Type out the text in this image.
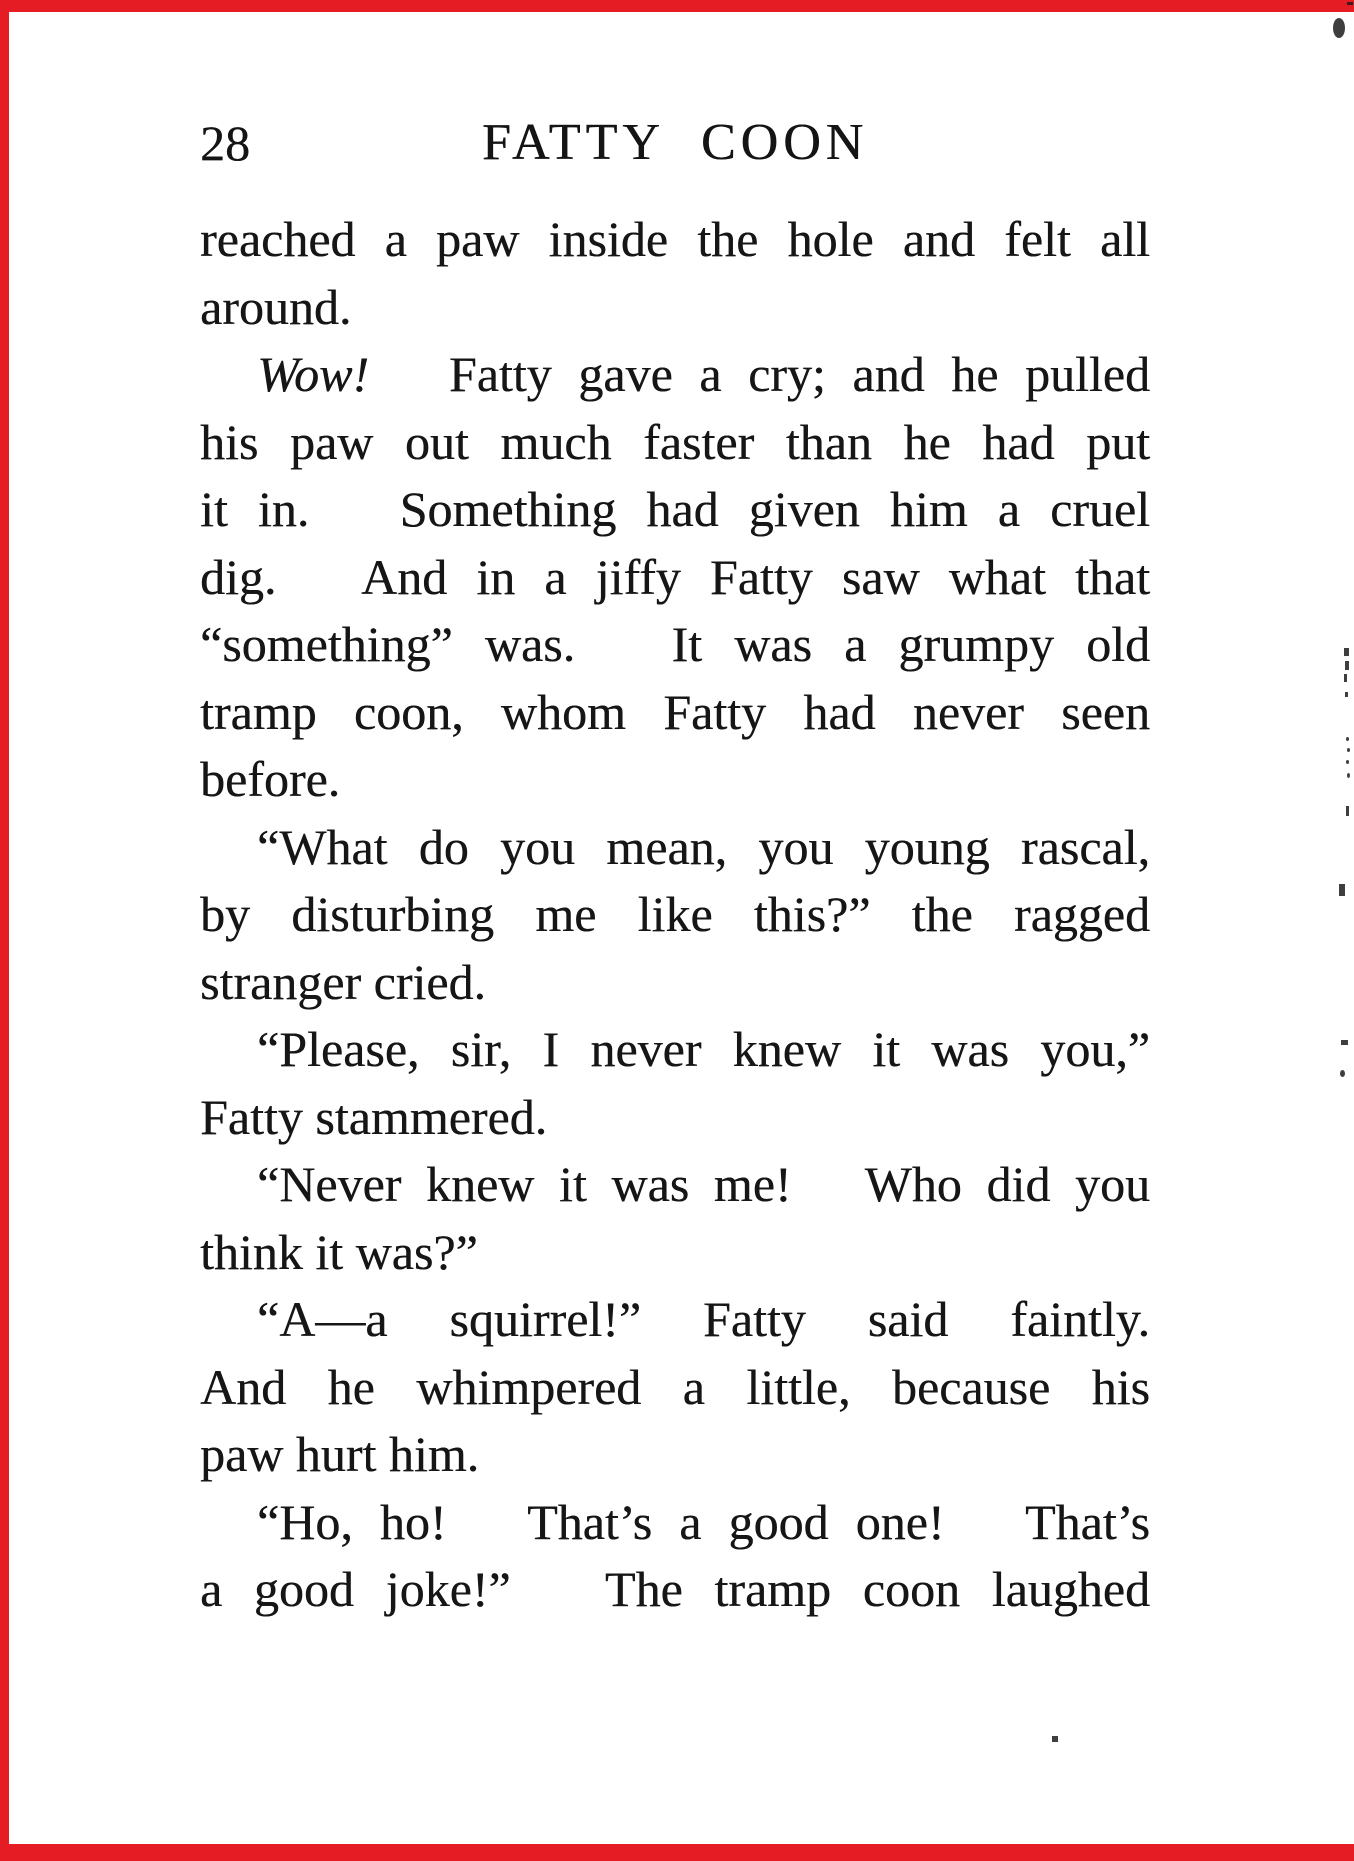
28	FATTY COON
reached a paw inside the hole and felt all
around.
Wow!   Fatty gave a cry; and he pulled
his paw out much faster than he had put
it in.   Something had given him a cruel
dig.   And in a jiffy Fatty saw what that
“something” was.   It was a grumpy old
tramp coon, whom Fatty had never seen
before.
“What do you mean, you young rascal,
by disturbing me like this?” the ragged
stranger cried.
“Please, sir, I never knew it was you,”
Fatty stammered.
“Never knew it was me!   Who did you
think it was?”
“A—a squirrel!” Fatty said faintly.
And he whimpered a little, because his
paw hurt him.
“Ho, ho!   That’s a good one!   That’s
a good joke!”   The tramp coon laughed
